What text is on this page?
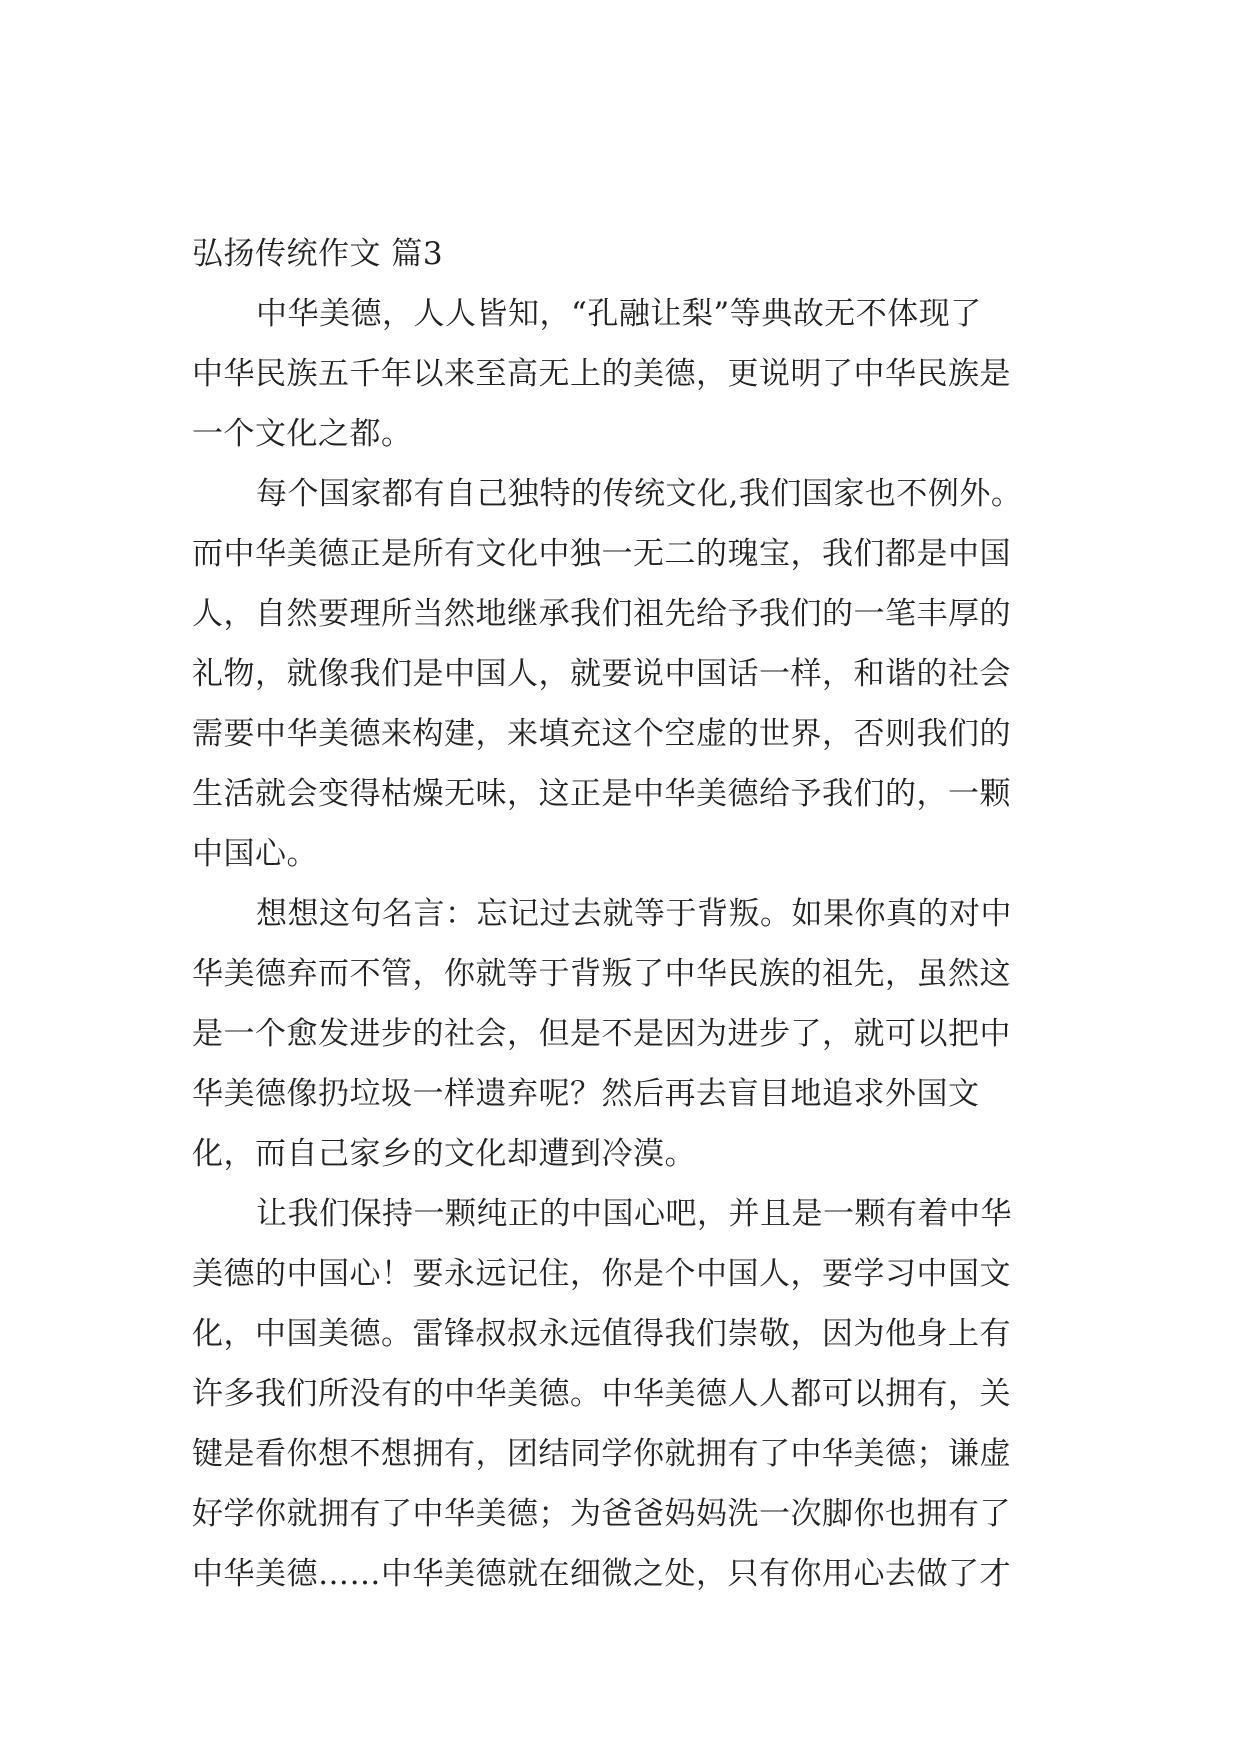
弘扬传统作文 篇3

中华美德，人人皆知，“孔融让梨”等典故无不体现了
中华民族五千年以来至高无上的美德，更说明了中华民族是
一个文化之都。

每个国家都有自己独特的传统文化,我们国家也不例外。
而中华美德正是所有文化中独一无二的瑰宝，我们都是中国
人，自然要理所当然地继承我们祖先给予我们的一笔丰厚的
礼物，就像我们是中国人，就要说中国话一样，和谐的社会
需要中华美德来构建，来填充这个空虚的世界，否则我们的
生活就会变得枯燥无味，这正是中华美德给予我们的，一颗
中国心。

想想这句名言：忘记过去就等于背叛。如果你真的对中
华美德弃而不管，你就等于背叛了中华民族的祖先，虽然这
是一个愈发进步的社会，但是不是因为进步了，就可以把中
华美德像扔垃圾一样遗弃呢？然后再去盲目地追求外国文
化，而自己家乡的文化却遭到冷漠。

让我们保持一颗纯正的中国心吧，并且是一颗有着中华
美德的中国心！要永远记住，你是个中国人，要学习中国文
化，中国美德。雷锋叔叔永远值得我们崇敬，因为他身上有
许多我们所没有的中华美德。中华美德人人都可以拥有，关
键是看你想不想拥有，团结同学你就拥有了中华美德；谦虚
好学你就拥有了中华美德；为爸爸妈妈洗一次脚你也拥有了
中华美德……中华美德就在细微之处，只有你用心去做了才
